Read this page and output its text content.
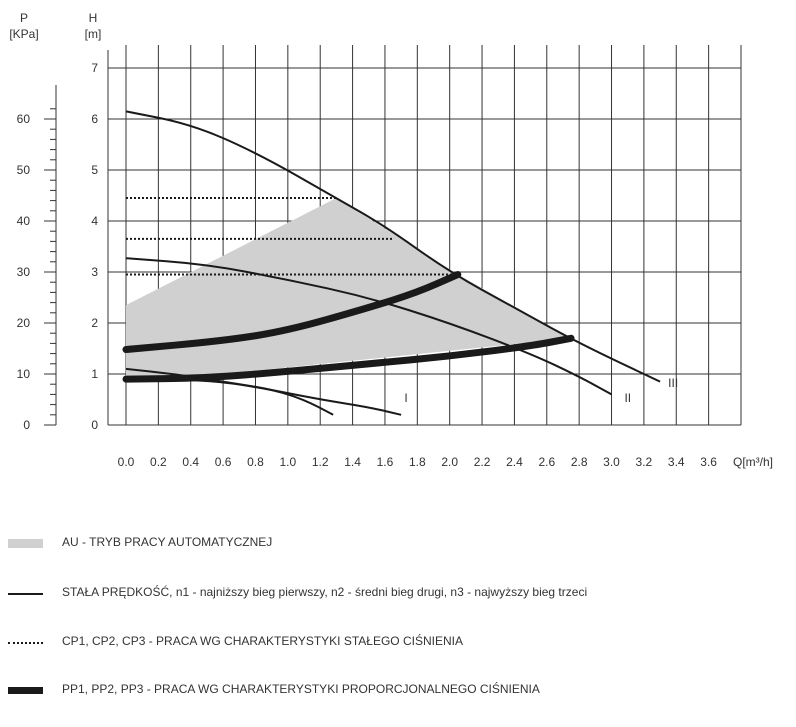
0
10
20
30
40
50
60
0
1
2
3
4
5
6
7
P
[KPa]
H
[m]
0.0 0.2 0.4 0.6 0.8 1.0 1.2 1.4 1.6 1.8 2.0 2.2 2.4 2.6 2.8 3.0 3.2 3.4 3.6 Q[m³/h]
I	II
III
AU - TRYB PRACY AUTOMATYCZNEJ
STAŁA PRĘDKOŚĆ, n1 - najniższy bieg pierwszy, n2 - średni bieg drugi, n3 - najwyższy bieg trzeci
CP1, CP2, CP3 - PRACA WG CHARAKTERYSTYKI STAŁEGO CIŚNIENIA
PP1, PP2, PP3 - PRACA WG CHARAKTERYSTYKI PROPORCJONALNEGO CIŚNIENIA
